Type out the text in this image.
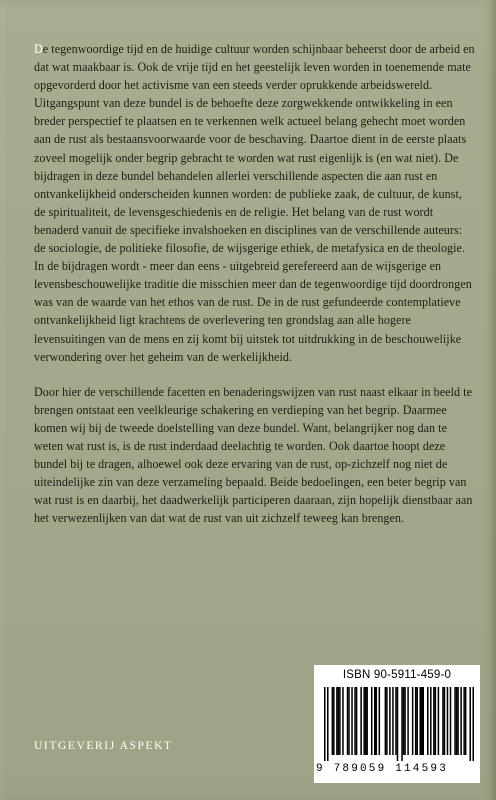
De tegenwoordige tijd en de huidige cultuur worden schijnbaar beheerst door de arbeid en dat wat maakbaar is. Ook de vrije tijd en het geestelijk leven worden in toenemende mate opgevorderd door het activisme van een steeds verder oprukkende arbeidswereld. Uitgangspunt van deze bundel is de behoefte deze zorgwekkende ontwikkeling in een breder perspectief te plaatsen en te verkennen welk actueel belang gehecht moet worden aan de rust als bestaansvoorwaarde voor de beschaving. Daartoe dient in de eerste plaats zoveel mogelijk onder begrip gebracht te worden wat rust eigenlijk is (en wat niet). De bijdragen in deze bundel behandelen allerlei verschillende aspecten die aan rust en ontvankelijkheid onderscheiden kunnen worden: de publieke zaak, de cultuur, de kunst, de spiritualiteit, de levensgeschiedenis en de religie. Het belang van de rust wordt benaderd vanuit de specifieke invalshoeken en disciplines van de verschillende auteurs: de sociologie, de politieke filosofie, de wijsgerige ethiek, de metafysica en de theologie. In de bijdragen wordt - meer dan eens - uitgebreid gerefereerd aan de wijsgerige en levensbeschouwelijke traditie die misschien meer dan de tegenwoordige tijd doordrongen was van de waarde van het ethos van de rust. De in de rust gefundeerde contemplatieve ontvankelijkheid ligt krachtens de overlevering ten grondslag aan alle hogere levensuitingen van de mens en zij komt bij uitstek tot uitdrukking in de beschouwelijke verwondering over het geheim van de werkelijkheid.

Door hier de verschillende facetten en benaderingswijzen van rust naast elkaar in beeld te brengen ontstaat een veelkleurige schakering en verdieping van het begrip. Daarmee komen wij bij de tweede doelstelling van deze bundel. Want, belangrijker nog dan te weten wat rust is, is de rust inderdaad deelachtig te worden. Ook daartoe hoopt deze bundel bij te dragen, alhoewel ook deze ervaring van de rust, op-zichzelf nog niet de uiteindelijke zin van deze verzameling bepaald. Beide bedoelingen, een beter begrip van wat rust is en daarbij, het daadwerkelijk participeren daaraan, zijn hopelijk dienstbaar aan het verwezenlijken van dat wat de rust van uit zichzelf teweeg kan brengen.

UITGEVERIJ ASPEKT
ISBN 90-5911-459-0
9 789059 114593
